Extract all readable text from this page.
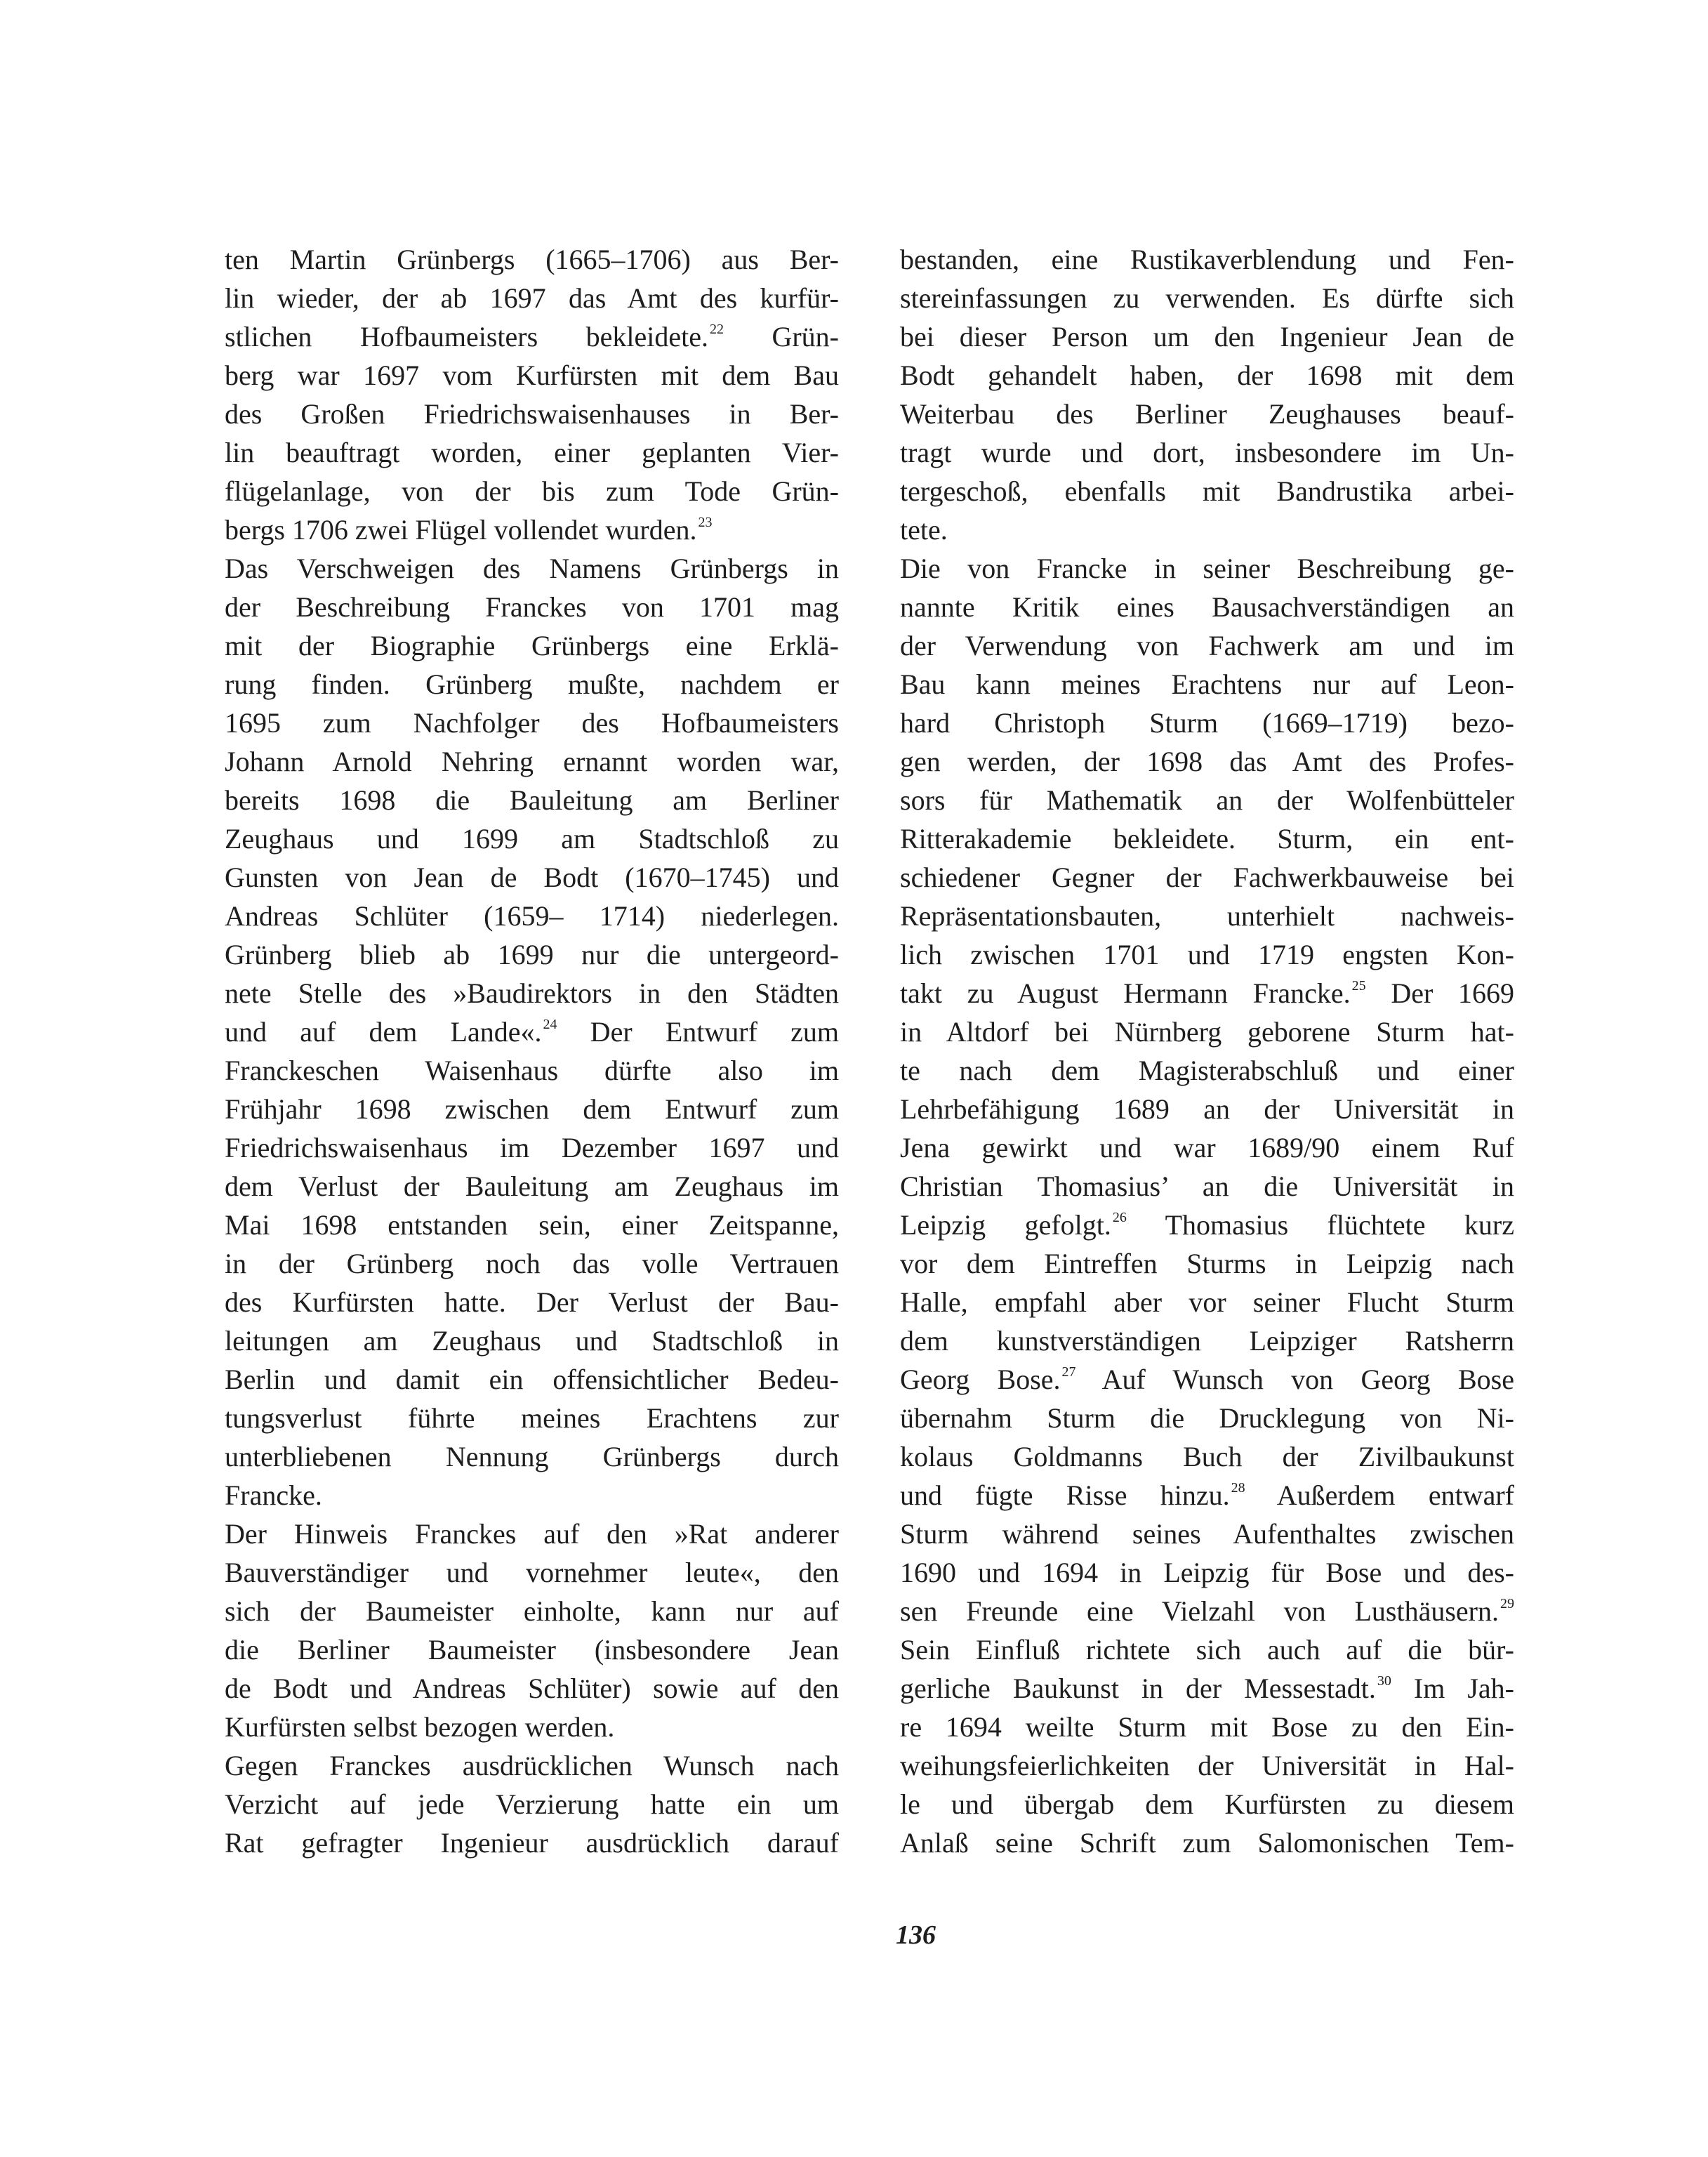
ten Martin Grünbergs (1665–1706) aus Ber-
lin wieder, der ab 1697 das Amt des kurfür-
stlichen Hofbaumeisters bekleidete. $^{22}$ Grün-
berg war 1697 vom Kurfürsten mit dem Bau
des Großen Friedrichswaisenhauses in Ber-
lin beauftragt worden, einer geplanten Vier-
flügelanlage, von der bis zum Tode Grün-
bergs 1706 zwei Flügel vollendet wurden. $^{23}$
Das Verschweigen des Namens Grünbergs in
der Beschreibung Franckes von 1701 mag
mit der Biographie Grünbergs eine Erklä-
rung finden. Grünberg mußte, nachdem er
1695 zum Nachfolger des Hofbaumeisters
Johann Arnold Nehring ernannt worden war,
bereits 1698 die Bauleitung am Berliner
Zeughaus und 1699 am Stadtschloß zu
Gunsten von Jean de Bodt (1670–1745) und
Andreas Schlüter (1659– 1714) niederlegen.
Grünberg blieb ab 1699 nur die untergeord-
nete Stelle des »Baudirektors in den Städten
und auf dem Lande«. $^{24}$ Der Entwurf zum
Franckeschen Waisenhaus dürfte also im
Frühjahr 1698 zwischen dem Entwurf zum
Friedrichswaisenhaus im Dezember 1697 und
dem Verlust der Bauleitung am Zeughaus im
Mai 1698 entstanden sein, einer Zeitspanne,
in der Grünberg noch das volle Vertrauen
des Kurfürsten hatte. Der Verlust der Bau-
leitungen am Zeughaus und Stadtschloß in
Berlin und damit ein offensichtlicher Bedeu-
tungsverlust führte meines Erachtens zur
unterbliebenen Nennung Grünbergs durch
Francke.
Der Hinweis Franckes auf den »Rat anderer
Bauverständiger und vornehmer leute«, den
sich der Baumeister einholte, kann nur auf
die Berliner Baumeister (insbesondere Jean
de Bodt und Andreas Schlüter) sowie auf den
Kurfürsten selbst bezogen werden.
Gegen Franckes ausdrücklichen Wunsch nach
Verzicht auf jede Verzierung hatte ein um
Rat gefragter Ingenieur ausdrücklich darauf
bestanden, eine Rustikaverblendung und Fen-
stereinfassungen zu verwenden. Es dürfte sich
bei dieser Person um den Ingenieur Jean de
Bodt gehandelt haben, der 1698 mit dem
Weiterbau des Berliner Zeughauses beauf-
tragt wurde und dort, insbesondere im Un-
tergeschoß, ebenfalls mit Bandrustika arbei-
tete.
Die von Francke in seiner Beschreibung ge-
nannte Kritik eines Bausachverständigen an
der Verwendung von Fachwerk am und im
Bau kann meines Erachtens nur auf Leon-
hard Christoph Sturm (1669–1719) bezo-
gen werden, der 1698 das Amt des Profes-
sors für Mathematik an der Wolfenbütteler
Ritterakademie bekleidete. Sturm, ein ent-
schiedener Gegner der Fachwerkbauweise bei
Repräsentationsbauten, unterhielt nachweis-
lich zwischen 1701 und 1719 engsten Kon-
takt zu August Hermann Francke. $^{25}$ Der 1669
in Altdorf bei Nürnberg geborene Sturm hat-
te nach dem Magisterabschluß und einer
Lehrbefähigung 1689 an der Universität in
Jena gewirkt und war 1689/90 einem Ruf
Christian Thomasius’ an die Universität in
Leipzig gefolgt. $^{26}$ Thomasius flüchtete kurz
vor dem Eintreffen Sturms in Leipzig nach
Halle, empfahl aber vor seiner Flucht Sturm
dem kunstverständigen Leipziger Ratsherrn
Georg Bose. $^{27}$ Auf Wunsch von Georg Bose
übernahm Sturm die Drucklegung von Ni-
kolaus Goldmanns Buch der Zivilbaukunst
und fügte Risse hinzu. $^{28}$ Außerdem entwarf
Sturm während seines Aufenthaltes zwischen
1690 und 1694 in Leipzig für Bose und des-
sen Freunde eine Vielzahl von Lusthäusern. $^{29}$
Sein Einfluß richtete sich auch auf die bür-
gerliche Baukunst in der Messestadt. $^{30}$ Im Jah-
re 1694 weilte Sturm mit Bose zu den Ein-
weihungsfeierlichkeiten der Universität in Hal-
le und übergab dem Kurfürsten zu diesem
Anlaß seine Schrift zum Salomonischen Tem-
136
